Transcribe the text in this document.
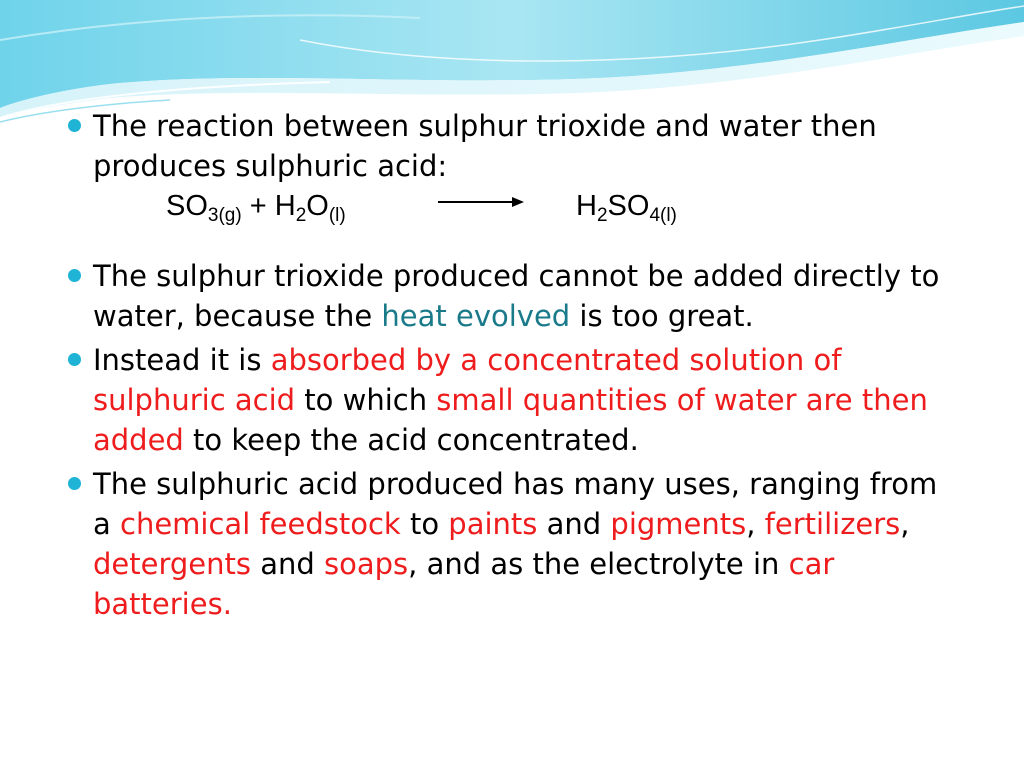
The reaction between sulphur trioxide and water then produces sulphuric acid:
$SO_{3(g)} + H_2O_{(l)}$	$H_2SO_{4(l)}$
The sulphur trioxide produced cannot be added directly to water, because the heat evolved is too great.
Instead it is absorbed by a concentrated solution of sulphuric acid to which small quantities of water are then added to keep the acid concentrated.
The sulphuric acid produced has many uses, ranging from a chemical feedstock to paints and pigments, fertilizers, detergents and soaps, and as the electrolyte in car batteries.
